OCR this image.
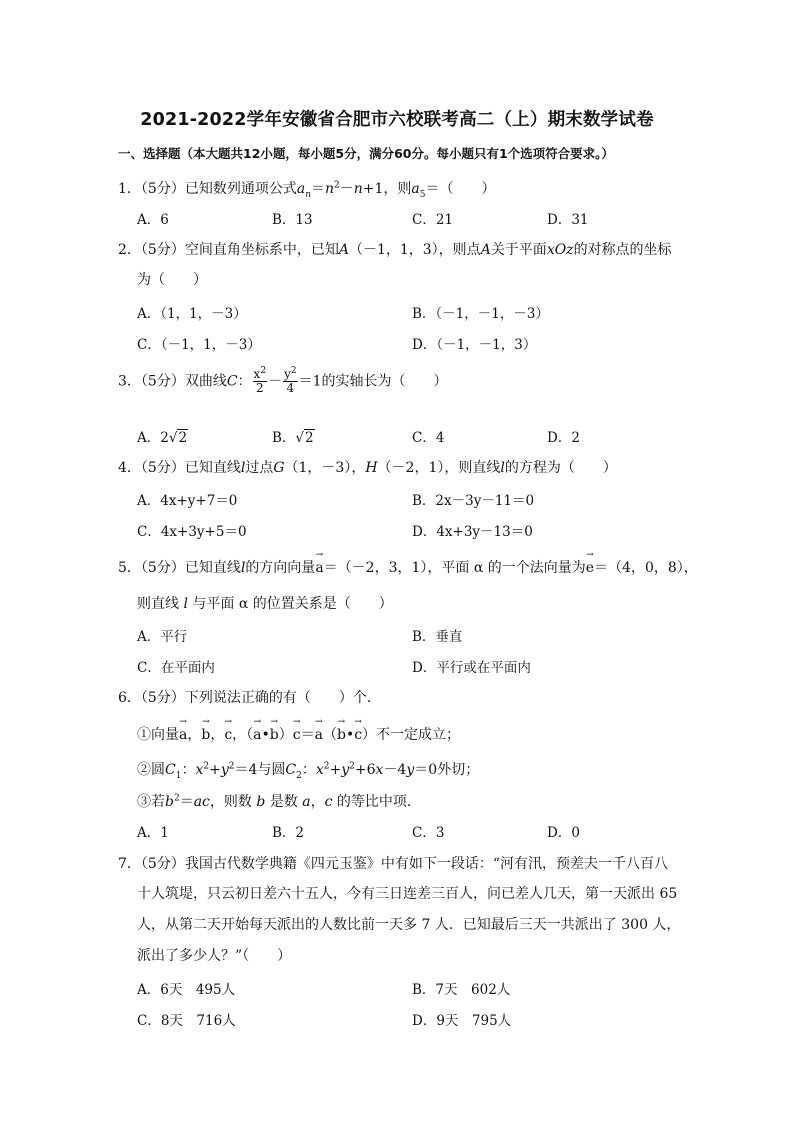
2021-2022学年安徽省合肥市六校联考高二（上）期末数学试卷
一、选择题（本大题共12小题，每小题5分，满分60分。每小题只有1个选项符合要求。）
1．（5分）已知数列通项公式$a_n=n^2-n+1$，则$a_5=$（　　）
A．6	B．13	C．21	D．31
2．（5分）空间直角坐标系中，已知A（－1，1，3），则点A关于平面xOz的对称点的坐标
为（　　）
A．（1，1，－3）	B．（－1，－1，－3）
C．（－1，1，－3）	D．（－1，－1，3）
3．（5分）双曲线C： $\frac{x^2}{2} - \frac{y^2}{4} =1$的实轴长为（　　）
A．2√2	B．√2	C．4	D．2
4．（5分）已知直线l过点G（1，－3），H（－2，1），则直线l的方程为（　　）
A．4x+y+7＝0	B．2x－3y－11＝0
C．4x+3y+5＝0	D．4x+3y－13＝0
5．（5分）已知直线l的方向向量
→
a＝（－2，3，1），平面 α 的一个法向量为
→
e＝（4，0，8），
则直线 l 与平面 α 的位置关系是（　　）
A．平行	B．垂直
C．在平面内	D．平行或在平面内
6．（5分）下列说法正确的有（　　）个．
①向量
→
a，
→
b，
→
c，（
→
a•
→
b）
→
c＝
→
a（
→
b•
→
c）不一定成立；
②圆$C_1$：$x^2+y^2=4$与圆$C_2$：$x^2+y^2+6x-4y=0$外切；
③若$b^2=ac$，则数 b 是数 a，c 的等比中项．
A．1	B．2	C．3	D．0
7．（5分）我国古代数学典籍《四元玉鉴》中有如下一段话：“河有汛，预差夫一千八百八
十人筑堤，只云初日差六十五人，今有三日连差三百人，问已差人几天，第一天派出 65
人，从第二天开始每天派出的人数比前一天多 7 人．已知最后三天一共派出了 300 人，
派出了多少人？”（　　）
A．6天　495人	B．7天　602人
C．8天　716人	D．9天　795人
